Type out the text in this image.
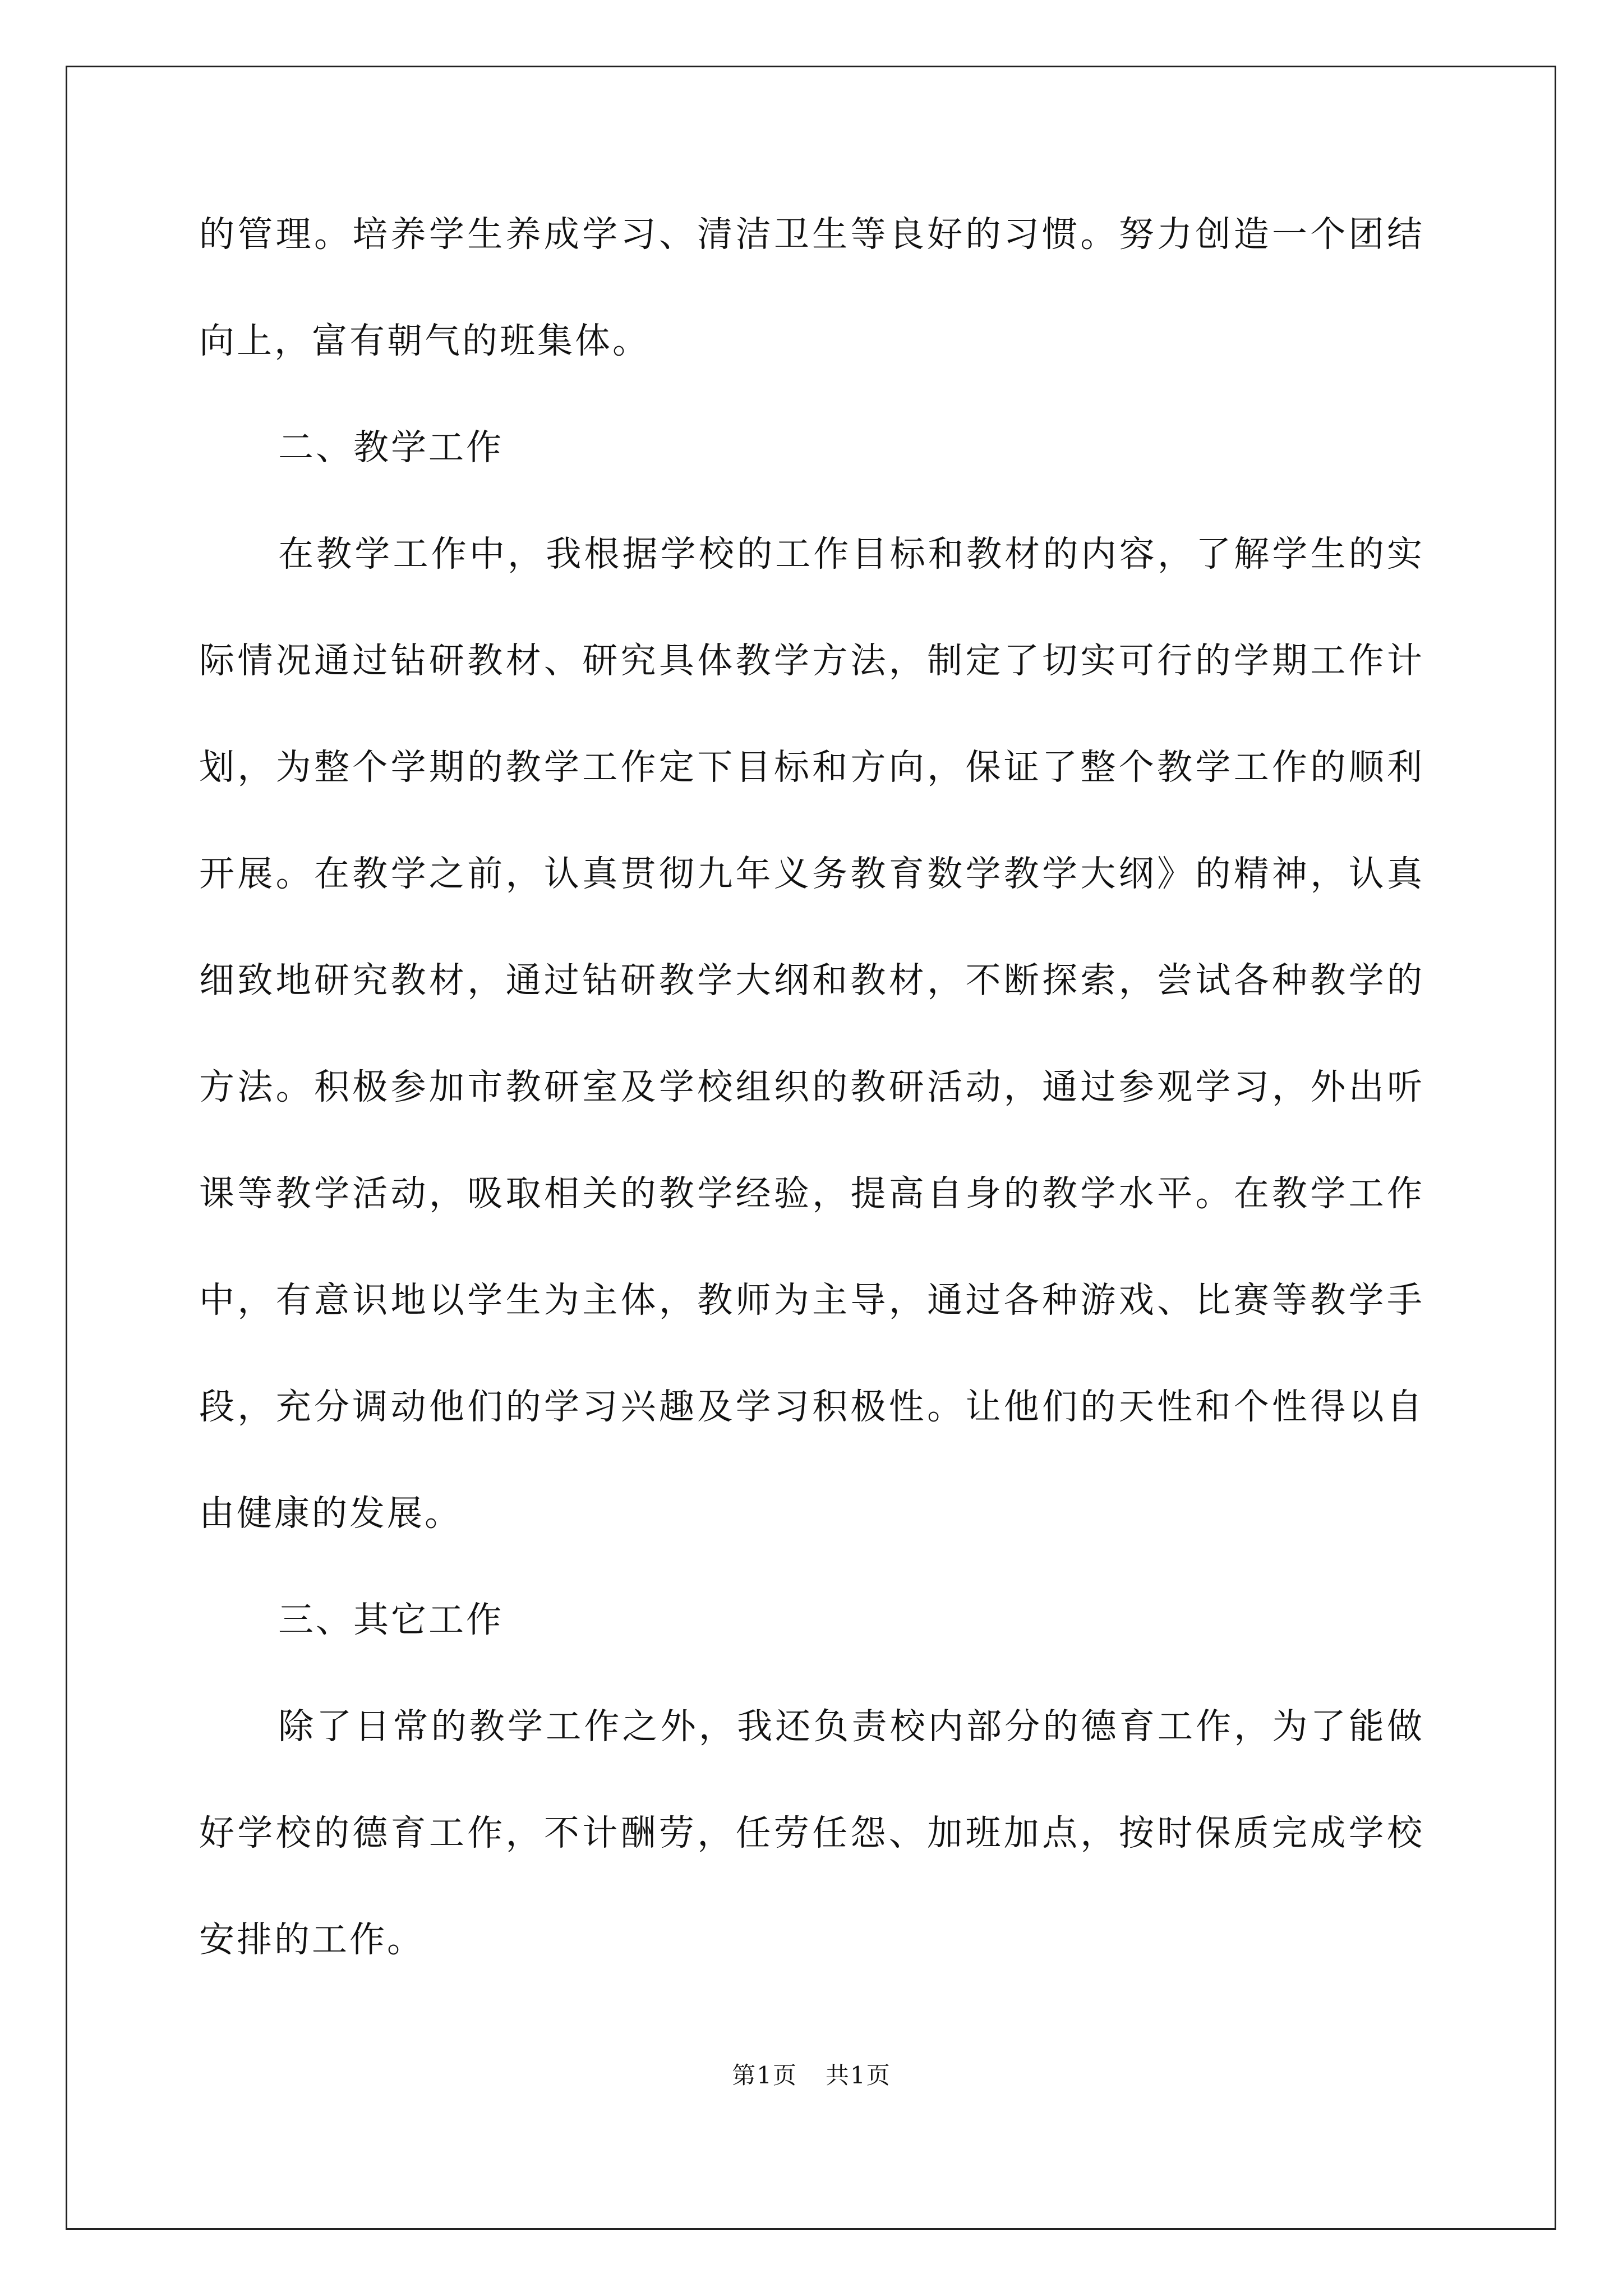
的管理。培养学生养成学习、清洁卫生等良好的习惯。努力创造一个团结向上，富有朝气的班集体。

二、教学工作

在教学工作中，我根据学校的工作目标和教材的内容，了解学生的实际情况通过钻研教材、研究具体教学方法，制定了切实可行的学期工作计划，为整个学期的教学工作定下目标和方向，保证了整个教学工作的顺利开展。在教学之前，认真贯彻九年义务教育数学教学大纲》的精神，认真细致地研究教材，通过钻研教学大纲和教材，不断探索，尝试各种教学的方法。积极参加市教研室及学校组织的教研活动，通过参观学习，外出听课等教学活动，吸取相关的教学经验，提高自身的教学水平。在教学工作中，有意识地以学生为主体，教师为主导，通过各种游戏、比赛等教学手段，充分调动他们的学习兴趣及学习积极性。让他们的天性和个性得以自由健康的发展。

三、其它工作

除了日常的教学工作之外，我还负责校内部分的德育工作，为了能做好学校的德育工作，不计酬劳，任劳任怨、加班加点，按时保质完成学校安排的工作。

第1页 共1页
